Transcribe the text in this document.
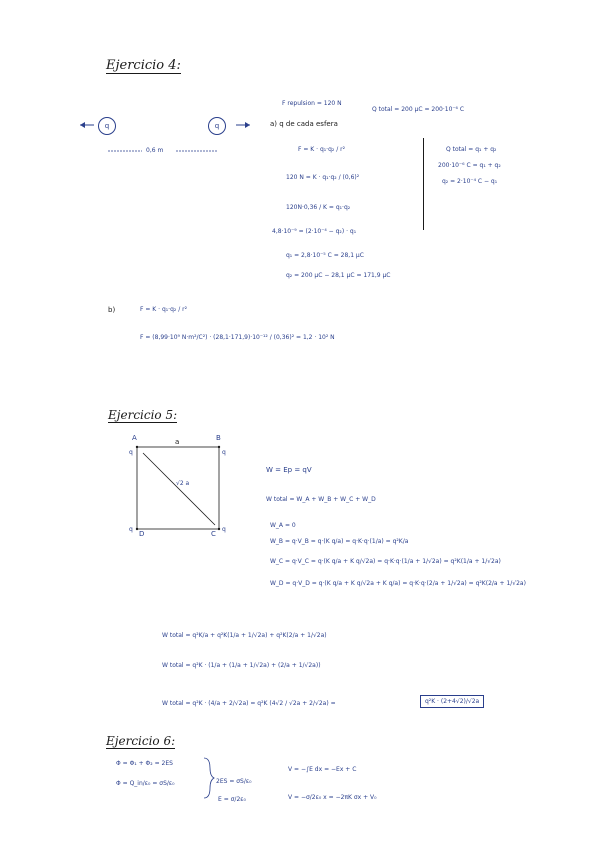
Ejercicio 4:
F repulsion = 120 N
Q total = 200 μC = 200·10⁻⁶ C
q	q
0,6 m
a) q de cada esfera
F = K · q₁·q₂ / r²
120 N = K · q₁·q₂ / (0,6)²
120N·0,36 / K = q₁·q₂
4,8·10⁻⁹ = (2·10⁻⁴ − q₂) · q₁
q₁ = 2,8·10⁻⁵ C = 28,1 μC
q₂ = 200 μC − 28,1 μC = 171,9 μC
Q total = q₁ + q₂
200·10⁻⁶ C = q₁ + q₂
q₂ = 2·10⁻⁴ C − q₁
b)	F = K · q₁·q₂ / r²
F = (8,99·10⁹ N·m²/C²) · (28,1·171,9)·10⁻¹² / (0,36)² = 1,2 · 10² N
Ejercicio 5:
A	B
D	C
q	q
q	q
a
√2 a
W = Ep = qV
W total = W_A + W_B + W_C + W_D
W_A = 0
W_B = q·V_B = q·(K q/a) = q·K·q·(1/a) = q²K/a
W_C = q·V_C = q·(K q/a + K q/√2a) = q·K·q·(1/a + 1/√2a) = q²K(1/a + 1/√2a)
W_D = q·V_D = q·(K q/a + K q/√2a + K q/a) = q·K·q·(2/a + 1/√2a) = q²K(2/a + 1/√2a)
W total = q²K/a + q²K(1/a + 1/√2a) + q²K(2/a + 1/√2a)
W total = q²K · (1/a + (1/a + 1/√2a) + (2/a + 1/√2a))
W total = q²K · (4/a + 2/√2a) = q²K (4√2 / √2a + 2/√2a) =	q²K · (2+4√2)/√2a
Ejercicio 6:
Φ = Φ₁ + Φ₂ = 2ES
Φ = Q_in/ε₀ = σS/ε₀	2ES = σS/ε₀
E = σ/2ε₀
V = −∫E dx = −Ex + C
V = −σ/2ε₀ x = −2πK σx + V₀
